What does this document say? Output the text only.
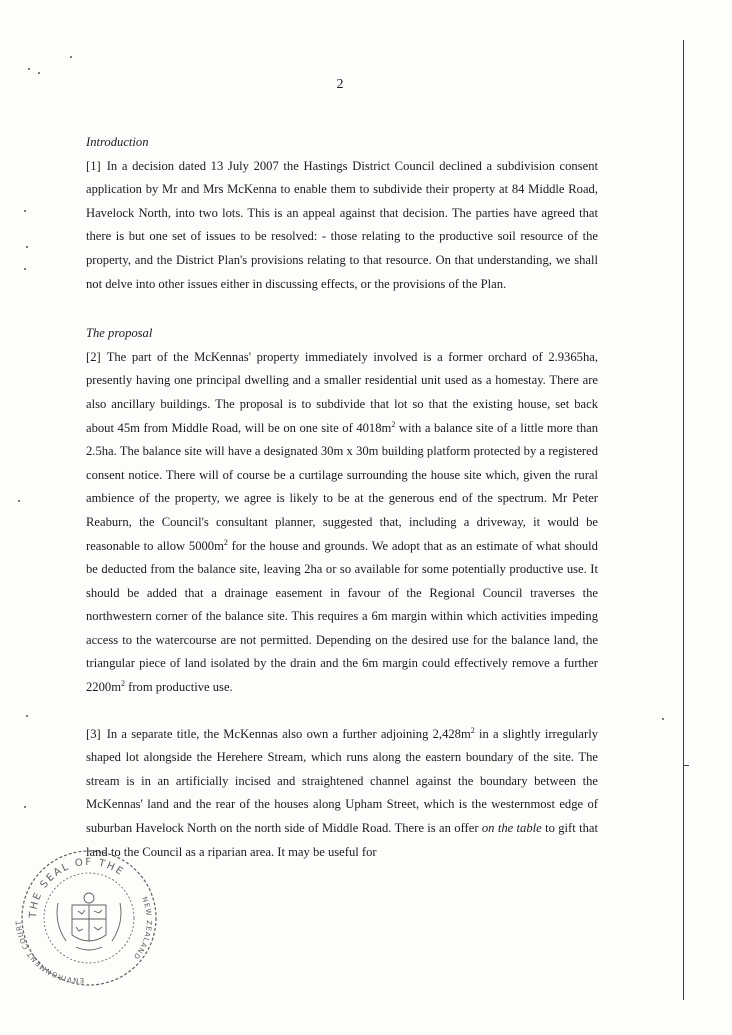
2

Introduction

[1] In a decision dated 13 July 2007 the Hastings District Council declined a subdivision consent application by Mr and Mrs McKenna to enable them to subdivide their property at 84 Middle Road, Havelock North, into two lots. This is an appeal against that decision. The parties have agreed that there is but one set of issues to be resolved: - those relating to the productive soil resource of the property, and the District Plan's provisions relating to that resource. On that understanding, we shall not delve into other issues either in discussing effects, or the provisions of the Plan.

The proposal

[2] The part of the McKennas' property immediately involved is a former orchard of 2.9365ha, presently having one principal dwelling and a smaller residential unit used as a homestay. There are also ancillary buildings. The proposal is to subdivide that lot so that the existing house, set back about 45m from Middle Road, will be on one site of $4018m^2$ with a balance site of a little more than 2.5ha. The balance site will have a designated 30m x 30m building platform protected by a registered consent notice. There will of course be a curtilage surrounding the house site which, given the rural ambience of the property, we agree is likely to be at the generous end of the spectrum. Mr Peter Reaburn, the Council's consultant planner, suggested that, including a driveway, it would be reasonable to allow $5000m^2$ for the house and grounds. We adopt that as an estimate of what should be deducted from the balance site, leaving 2ha or so available for some potentially productive use. It should be added that a drainage easement in favour of the Regional Council traverses the northwestern corner of the balance site. This requires a 6m margin within which activities impeding access to the watercourse are not permitted. Depending on the desired use for the balance land, the triangular piece of land isolated by the drain and the 6m margin could effectively remove a further $2200m^2$ from productive use.

[3] In a separate title, the McKennas also own a further adjoining $2,428m^2$ in a slightly irregularly shaped lot alongside the Herehere Stream, which runs along the eastern boundary of the site. The stream is in an artificially incised and straightened channel against the boundary between the McKennas' land and the rear of the houses along Upham Street, which is the westernmost edge of suburban Havelock North on the north side of Middle Road. There is an offer on the table to gift that land to the Council as a riparian area. It may be useful for

THE SEAL OF THE
ENVIRONMENT COURT
NEW ZEALAND
